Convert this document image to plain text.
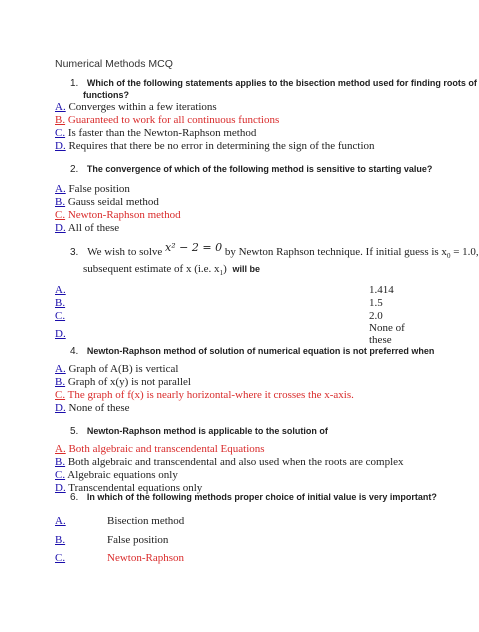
Numerical Methods MCQ
1. Which of the following statements applies to the bisection method used for finding roots of
functions?
A. Converges within a few iterations
B. Guaranteed to work for all continuous functions
C. Is faster than the Newton-Raphson method
D. Requires that there be no error in determining the sign of the function
2. The convergence of which of the following method is sensitive to starting value?
A. False position
B. Gauss seidal method
C. Newton-Raphson method
D. All of these
3. We wish to solve x² − 2 = 0 by Newton Raphson technique. If initial guess is $x_0 = 1.0$,
subsequent estimate of x (i.e. $x_1$) will be
A.	1.414
B.	1.5
C.	2.0
D.	None of
these
4. Newton-Raphson method of solution of numerical equation is not preferred when
A. Graph of A(B) is vertical
B. Graph of x(y) is not parallel
C. The graph of f(x) is nearly horizontal-where it crosses the x-axis.
D. None of these
5. Newton-Raphson method is applicable to the solution of
A. Both algebraic and transcendental Equations
B. Both algebraic and transcendental and also used when the roots are complex
C. Algebraic equations only
D. Transcendental equations only
6. In which of the following methods proper choice of initial value is very important?
A.	Bisection method
B.	False position
C.	Newton-Raphson
